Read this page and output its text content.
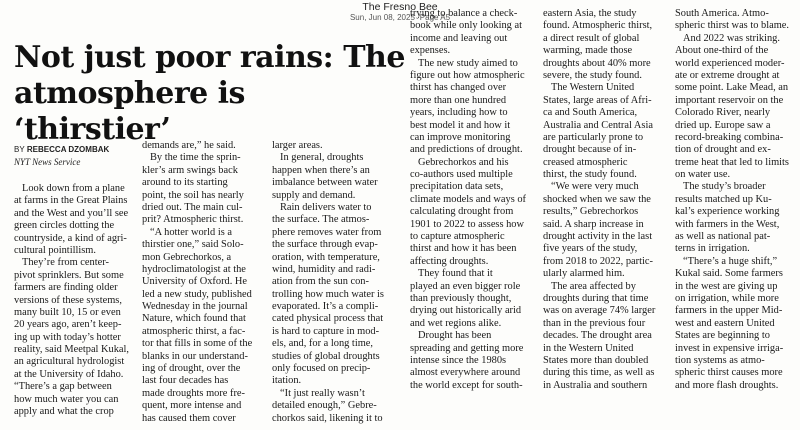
The Fresno Bee
Sun, Jun 08, 2025 ·Page A5
Not just poor rains: The
atmosphere is ‘thirstier’
BY REBECCA DZOMBAK
NYT News Service
Look down from a plane
at farms in the Great Plains
and the West and you’ll see
green circles dotting the
countryside, a kind of agri-
cultural pointillism.
They’re from center-
pivot sprinklers. But some
farmers are finding older
versions of these systems,
many built 10, 15 or even
20 years ago, aren’t keep-
ing up with today’s hotter
reality, said Meetpal Kukal,
an agricultural hydrologist
at the University of Idaho.
“There’s a gap between
how much water you can
apply and what the crop
demands are,” he said.
By the time the sprin-
kler’s arm swings back
around to its starting
point, the soil has nearly
dried out. The main cul-
prit? Atmospheric thirst.
“A hotter world is a
thirstier one,” said Solo-
mon Gebrechorkos, a
hydroclimatologist at the
University of Oxford. He
led a new study, published
Wednesday in the journal
Nature, which found that
atmospheric thirst, a fac-
tor that fills in some of the
blanks in our understand-
ing of drought, over the
last four decades has
made droughts more fre-
quent, more intense and
has caused them cover
larger areas.
In general, droughts
happen when there’s an
imbalance between water
supply and demand.
Rain delivers water to
the surface. The atmos-
phere removes water from
the surface through evap-
oration, with temperature,
wind, humidity and radi-
ation from the sun con-
trolling how much water is
evaporated. It’s a compli-
cated physical process that
is hard to capture in mod-
els, and, for a long time,
studies of global droughts
only focused on precip-
itation.
“It just really wasn’t
detailed enough,” Gebre-
chorkos said, likening it to
trying to balance a check-
book while only looking at
income and leaving out
expenses.
The new study aimed to
figure out how atmospheric
thirst has changed over
more than one hundred
years, including how to
best model it and how it
can improve monitoring
and predictions of drought.
Gebrechorkos and his
co-authors used multiple
precipitation data sets,
climate models and ways of
calculating drought from
1901 to 2022 to assess how
to capture atmospheric
thirst and how it has been
affecting droughts.
They found that it
played an even bigger role
than previously thought,
drying out historically arid
and wet regions alike.
Drought has been
spreading and getting more
intense since the 1980s
almost everywhere around
the world except for south-
eastern Asia, the study
found. Atmospheric thirst,
a direct result of global
warming, made those
droughts about 40% more
severe, the study found.
The Western United
States, large areas of Afri-
ca and South America,
Australia and Central Asia
are particularly prone to
drought because of in-
creased atmospheric
thirst, the study found.
“We were very much
shocked when we saw the
results,” Gebrechorkos
said. A sharp increase in
drought activity in the last
five years of the study,
from 2018 to 2022, partic-
ularly alarmed him.
The area affected by
droughts during that time
was on average 74% larger
than in the previous four
decades. The drought area
in the Western United
States more than doubled
during this time, as well as
in Australia and southern
South America. Atmo-
spheric thirst was to blame.
And 2022 was striking.
About one-third of the
world experienced moder-
ate or extreme drought at
some point. Lake Mead, an
important reservoir on the
Colorado River, nearly
dried up. Europe saw a
record-breaking combina-
tion of drought and ex-
treme heat that led to limits
on water use.
The study’s broader
results matched up Ku-
kal’s experience working
with farmers in the West,
as well as national pat-
terns in irrigation.
“There’s a huge shift,”
Kukal said. Some farmers
in the west are giving up
on irrigation, while more
farmers in the upper Mid-
west and eastern United
States are beginning to
invest in expensive irriga-
tion systems as atmo-
spheric thirst causes more
and more flash droughts.
